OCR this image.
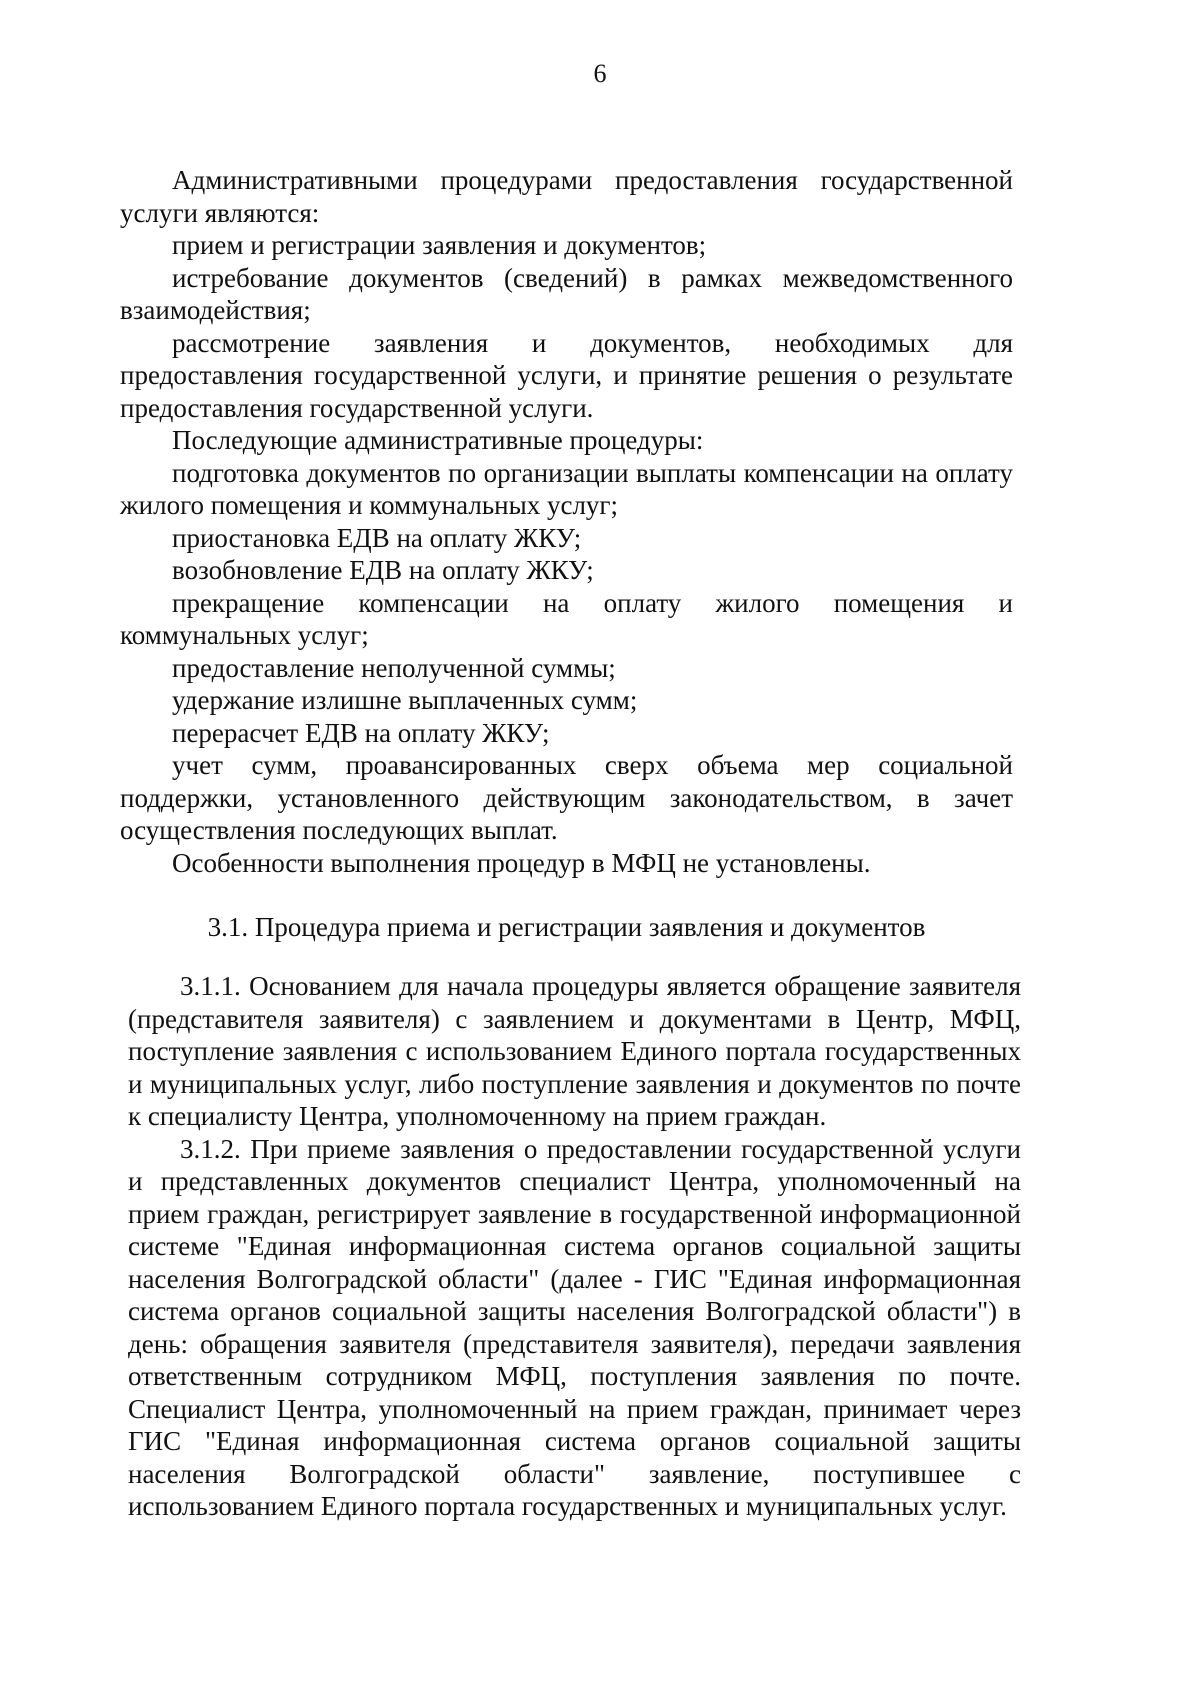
6

Административными процедурами предоставления государственной услуги являются:

прием и регистрации заявления и документов;

истребование документов (сведений) в рамках межведомственного взаимодействия;

рассмотрение заявления и документов, необходимых для предоставления государственной услуги, и принятие решения о результате предоставления государственной услуги.

Последующие административные процедуры:

подготовка документов по организации выплаты компенсации на оплату жилого помещения и коммунальных услуг;

приостановка ЕДВ на оплату ЖКУ;

возобновление ЕДВ на оплату ЖКУ;

прекращение компенсации на оплату жилого помещения и коммунальных услуг;

предоставление неполученной суммы;

удержание излишне выплаченных сумм;

перерасчет ЕДВ на оплату ЖКУ;

учет сумм, проавансированных сверх объема мер социальной поддержки, установленного действующим законодательством, в зачет осуществления последующих выплат.

Особенности выполнения процедур в МФЦ не установлены.

3.1. Процедура приема и регистрации заявления и документов

3.1.1. Основанием для начала процедуры является обращение заявителя (представителя заявителя) с заявлением и документами в Центр, МФЦ, поступление заявления с использованием Единого портала государственных и муниципальных услуг, либо поступление заявления и документов по почте к специалисту Центра, уполномоченному на прием граждан.

3.1.2. При приеме заявления о предоставлении государственной услуги и представленных документов специалист Центра, уполномоченный на прием граждан, регистрирует заявление в государственной информационной системе "Единая информационная система органов социальной защиты населения Волгоградской области" (далее - ГИС "Единая информационная система органов социальной защиты населения Волгоградской области") в день: обращения заявителя (представителя заявителя), передачи заявления ответственным сотрудником МФЦ, поступления заявления по почте. Специалист Центра, уполномоченный на прием граждан, принимает через ГИС "Единая информационная система органов социальной защиты населения Волгоградской области" заявление, поступившее с использованием Единого портала государственных и муниципальных услуг.
